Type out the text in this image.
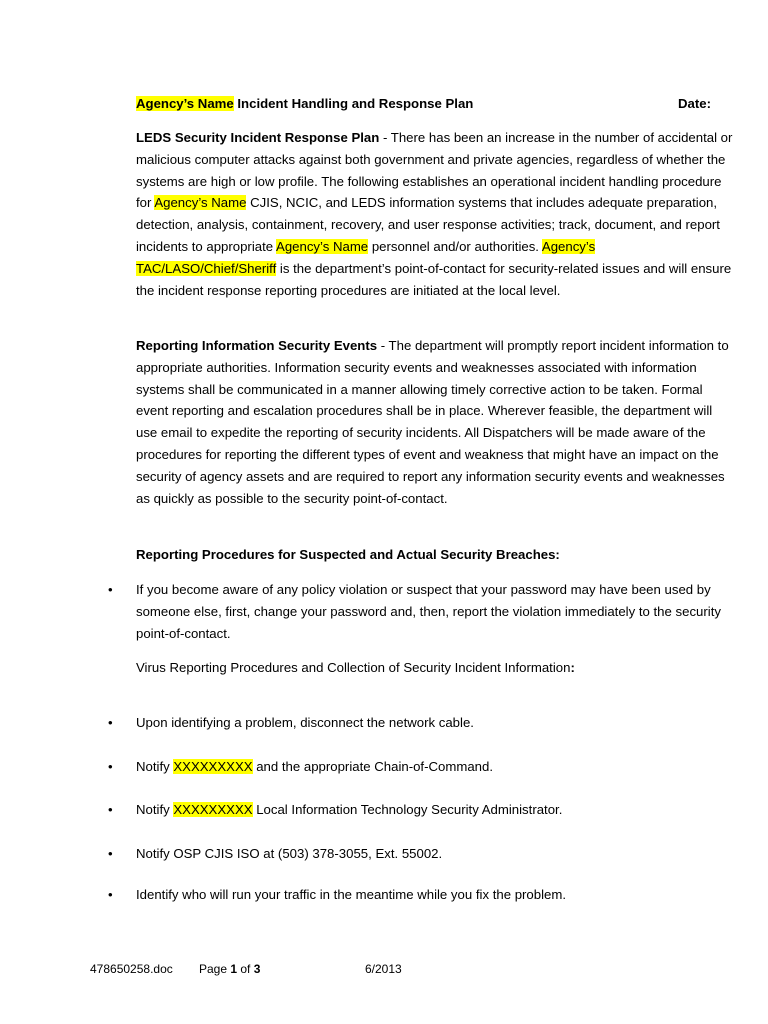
Agency’s Name Incident Handling and Response Plan	Date:
LEDS Security Incident Response Plan - There has been an increase in the number of accidental or malicious computer attacks against both government and private agencies, regardless of whether the systems are high or low profile. The following establishes an operational incident handling procedure for Agency’s Name CJIS, NCIC, and LEDS information systems that includes adequate preparation, detection, analysis, containment, recovery, and user response activities; track, document, and report incidents to appropriate Agency’s Name personnel and/or authorities. Agency’s TAC/LASO/Chief/Sheriff is the department’s point-of-contact for security-related issues and will ensure the incident response reporting procedures are initiated at the local level.
Reporting Information Security Events - The department will promptly report incident information to appropriate authorities. Information security events and weaknesses associated with information systems shall be communicated in a manner allowing timely corrective action to be taken. Formal event reporting and escalation procedures shall be in place. Wherever feasible, the department will use email to expedite the reporting of security incidents. All Dispatchers will be made aware of the procedures for reporting the different types of event and weakness that might have an impact on the security of agency assets and are required to report any information security events and weaknesses as quickly as possible to the security point-of-contact.
Reporting Procedures for Suspected and Actual Security Breaches:
•	If you become aware of any policy violation or suspect that your password may have been used by someone else, first, change your password and, then, report the violation immediately to the security point-of-contact.
Virus Reporting Procedures and Collection of Security Incident Information:
•	Upon identifying a problem, disconnect the network cable.
•	Notify XXXXXXXXX and the appropriate Chain-of-Command.
•	Notify XXXXXXXXX Local Information Technology Security Administrator.
•	Notify OSP CJIS ISO at (503) 378-3055, Ext. 55002.
•	Identify who will run your traffic in the meantime while you fix the problem.
478650258.doc Page 1 of 3	6/2013
